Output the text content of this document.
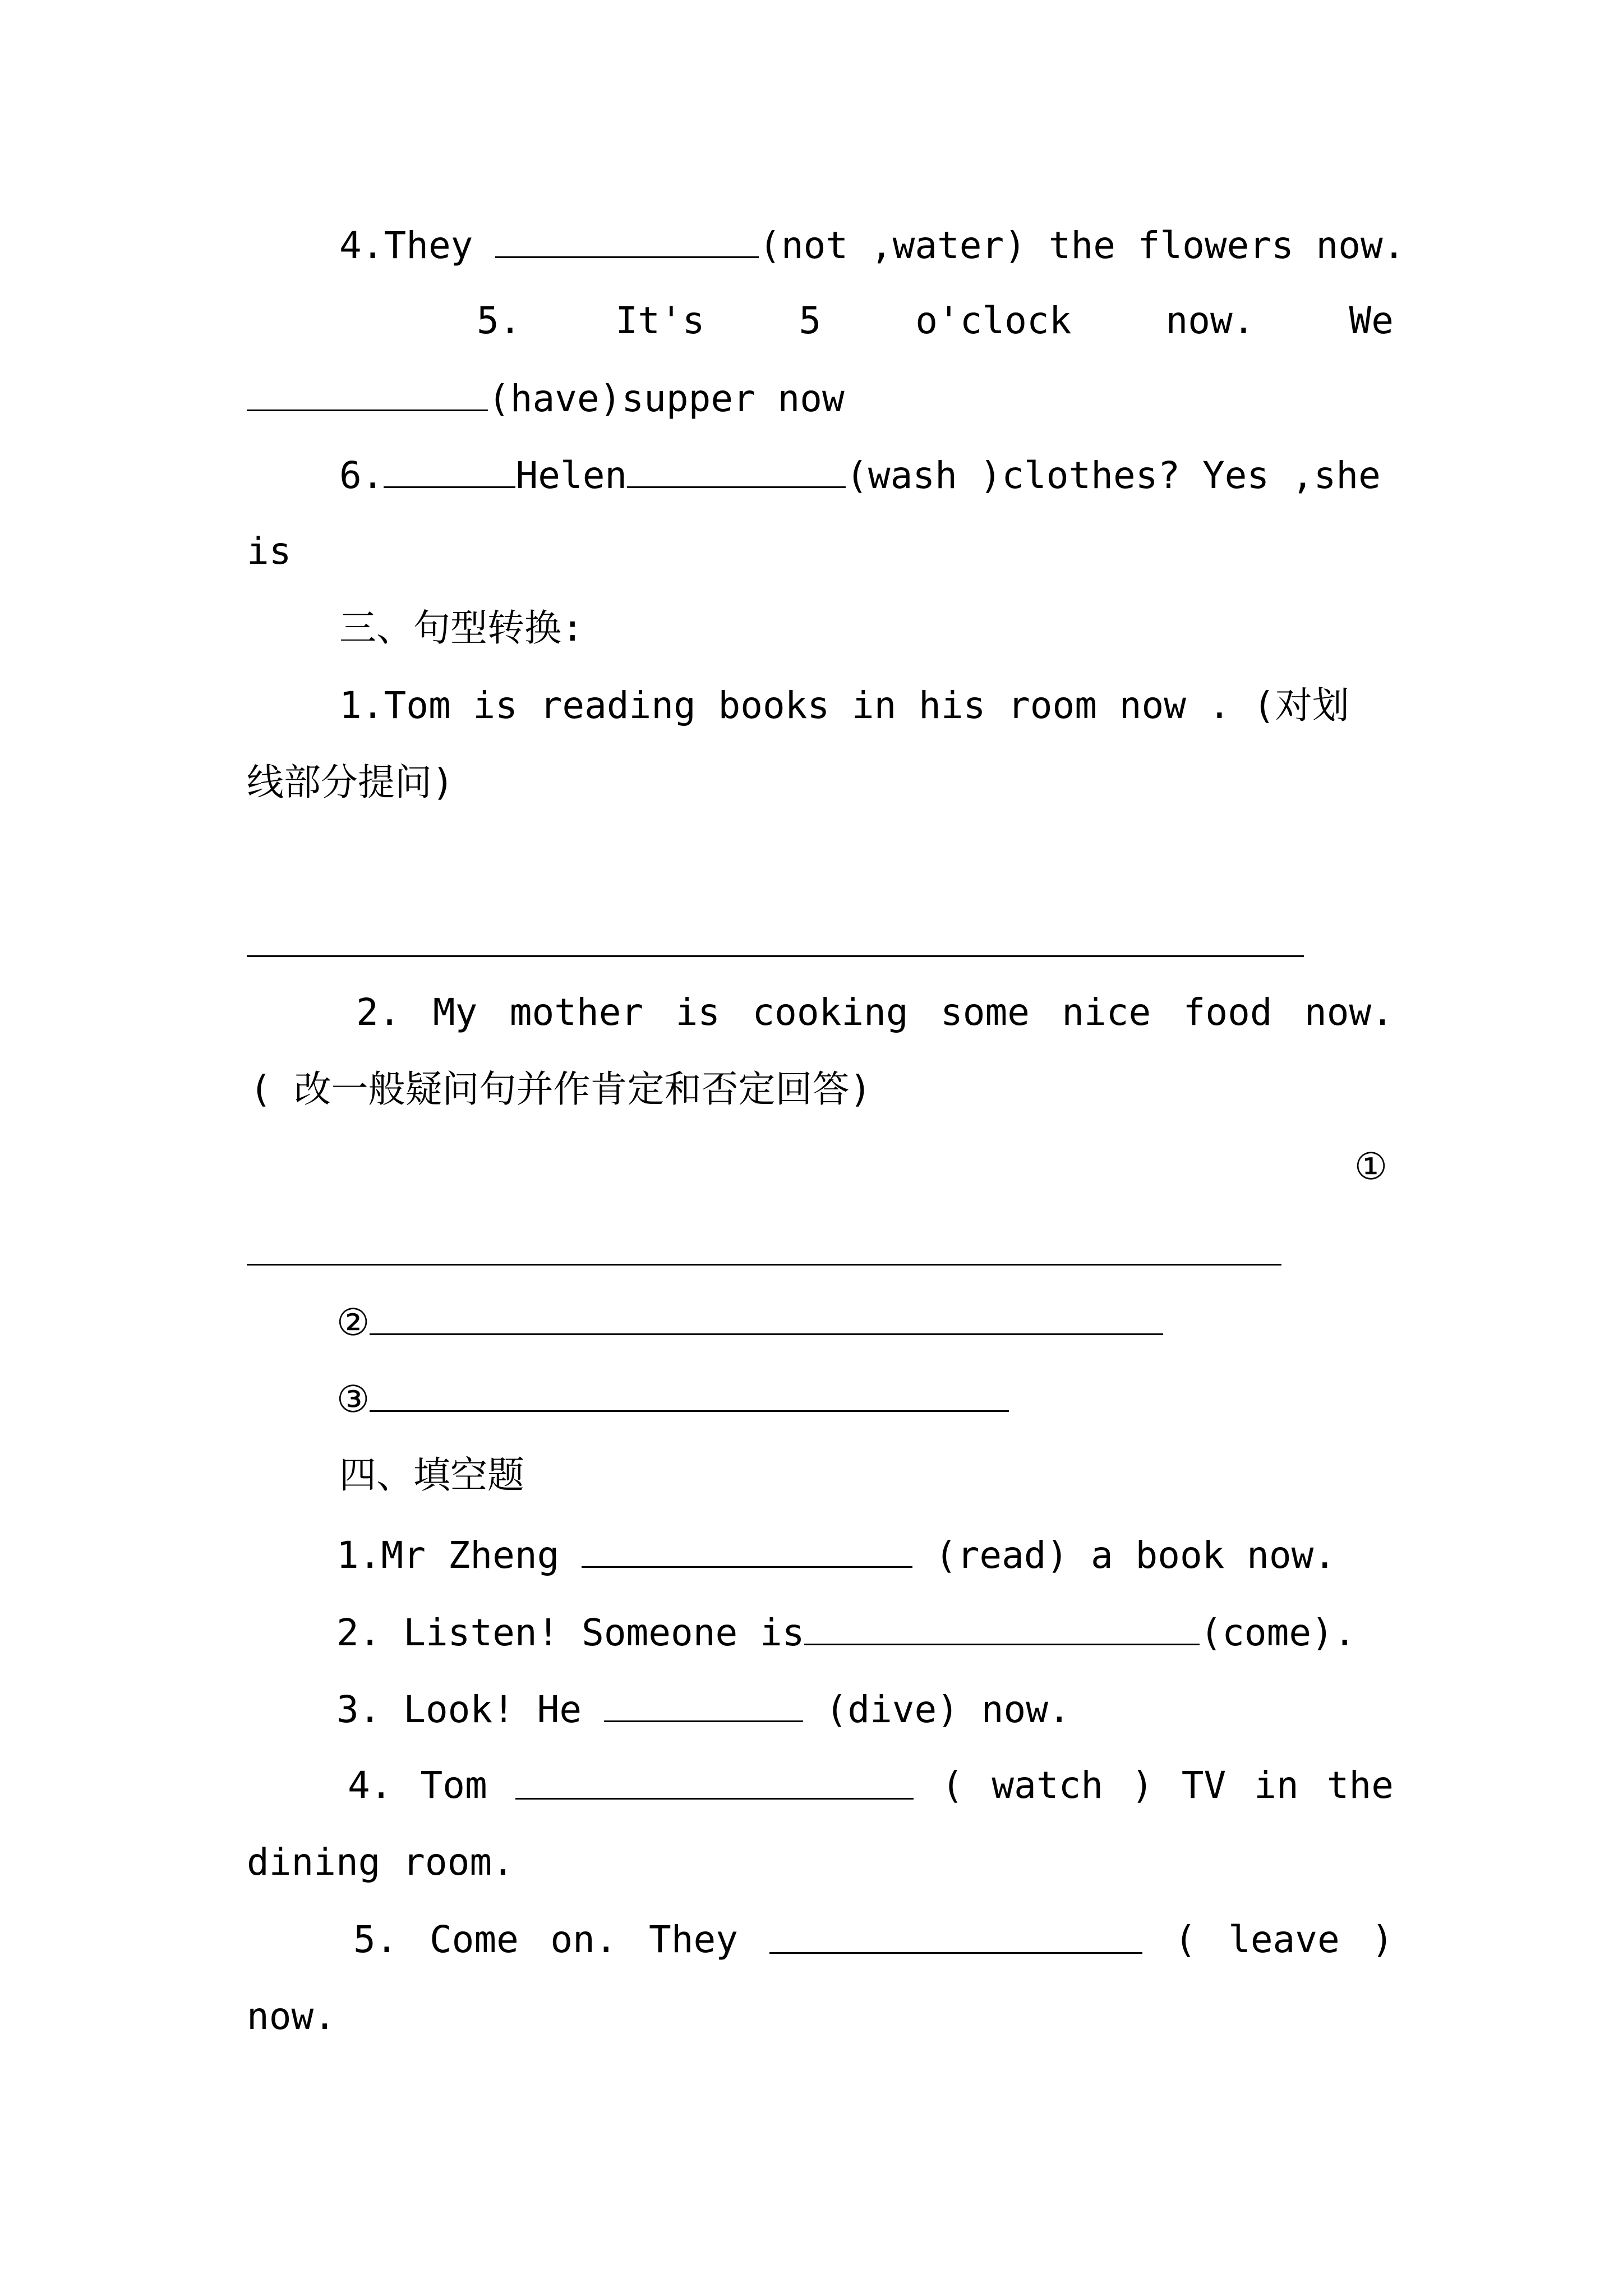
4.They	(not ,water) the flowers now.
5.	It's	5	o'clock	now.	We
(have)supper now
6.	Helen	(wash )clothes? Yes ,she
is
三、句型转换:
1.Tom is reading books in his room now . (对划
线部分提问)
2. My mother is cooking some nice food now.
( 改一般疑问句并作肯定和否定回答)
①
②
③
四、填空题
1.Mr Zheng	(read) a book now.
2. Listen! Someone is	(come).
3. Look! He	(dive) now.
4. Tom	( watch ) TV in the
dining room.
5. Come on. They	( leave )
now.
